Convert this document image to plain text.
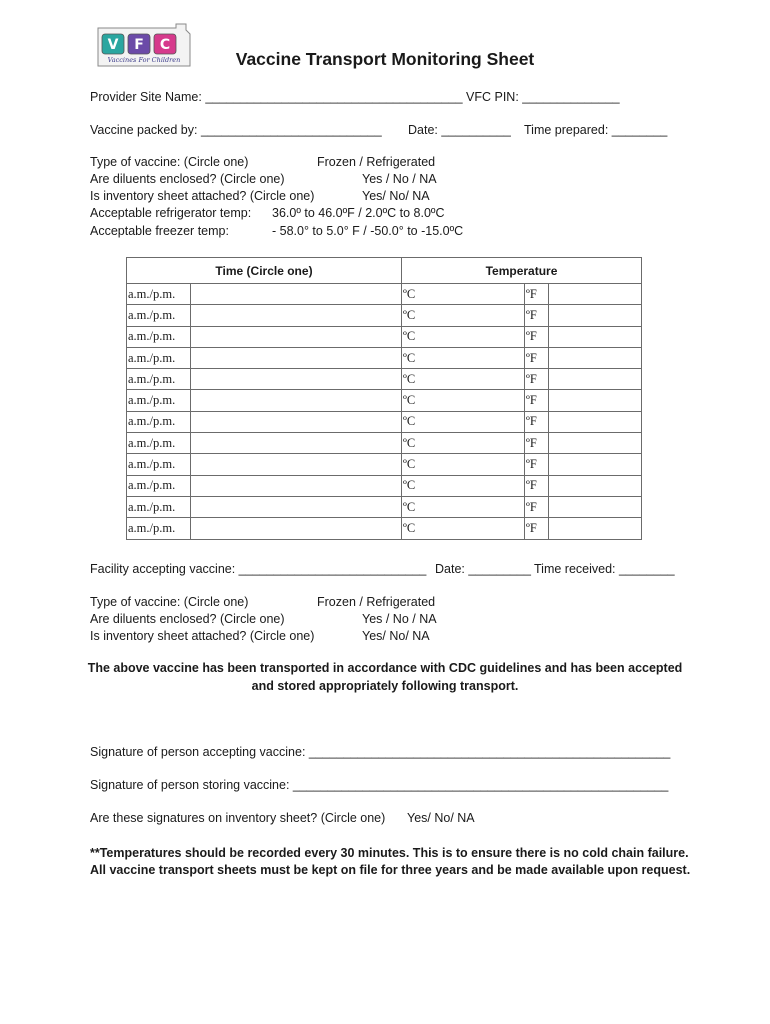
V F C
Vaccines For Children	Vaccine Transport Monitoring Sheet
Provider Site Name: _____________________________________ VFC PIN: ______________
Vaccine packed by: __________________________ Date: __________ Time prepared: ________
Type of vaccine: (Circle one)	Frozen / Refrigerated
Are diluents enclosed? (Circle one)	Yes / No / NA
Is inventory sheet attached? (Circle one)	Yes/ No/ NA
Acceptable refrigerator temp: 36.0º to 46.0ºF / 2.0ºC to 8.0ºC
Acceptable freezer temp:	- 58.0° to 5.0° F / -50.0° to -15.0ºC
Time (Circle one)		Temperature		
a.m./p.m.		ºC	ºF	
a.m./p.m.		ºC	ºF	
a.m./p.m.		ºC	ºF	
a.m./p.m.		ºC	ºF	
a.m./p.m.		ºC	ºF	
a.m./p.m.		ºC	ºF	
a.m./p.m.		ºC	ºF	
a.m./p.m.		ºC	ºF	
a.m./p.m.		ºC	ºF	
a.m./p.m.		ºC	ºF	
a.m./p.m.		ºC	ºF	
a.m./p.m.		ºC	ºF	
Facility accepting vaccine: ___________________________ Date: _________ Time received: ________
Type of vaccine: (Circle one)	Frozen / Refrigerated
Are diluents enclosed? (Circle one)	Yes / No / NA
Is inventory sheet attached? (Circle one)	Yes/ No/ NA
The above vaccine has been transported in accordance with CDC guidelines and has been accepted
and stored appropriately following transport.
Signature of person accepting vaccine: ____________________________________________________
Signature of person storing vaccine: ______________________________________________________
Are these signatures on inventory sheet? (Circle one) Yes/ No/ NA
**Temperatures should be recorded every 30 minutes. This is to ensure there is no cold chain failure.
All vaccine transport sheets must be kept on file for three years and be made available upon request.
